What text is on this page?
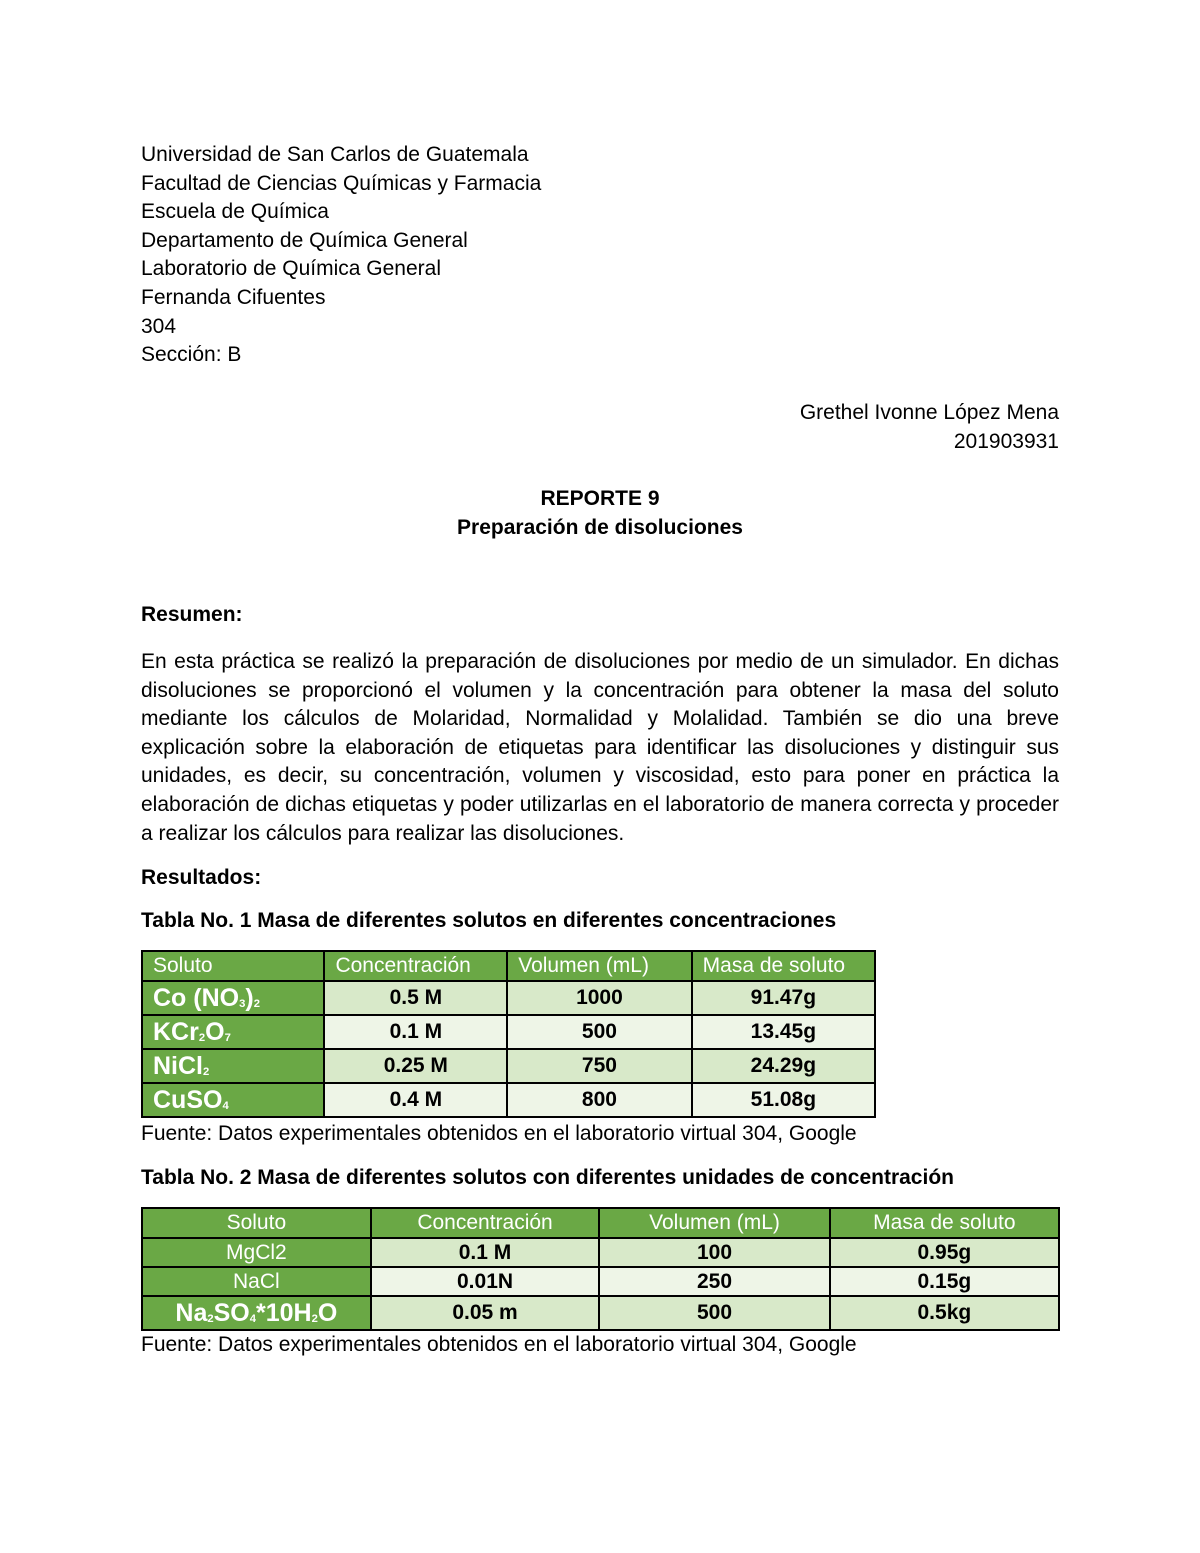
Universidad de San Carlos de Guatemala
Facultad de Ciencias Químicas y Farmacia
Escuela de Química
Departamento de Química General
Laboratorio de Química General
Fernanda Cifuentes
304
Sección: B
Grethel Ivonne López Mena
201903931
REPORTE 9
Preparación de disoluciones
Resumen:
En esta práctica se realizó la preparación de disoluciones por medio de un simulador. En dichas disoluciones se proporcionó el volumen y la concentración para obtener la masa del soluto mediante los cálculos de Molaridad, Normalidad y Molalidad. También se dio una breve explicación sobre la elaboración de etiquetas para identificar las disoluciones y distinguir sus unidades, es decir, su concentración, volumen y viscosidad, esto para poner en práctica la elaboración de dichas etiquetas y poder utilizarlas en el laboratorio de manera correcta y proceder a realizar los cálculos para realizar las disoluciones.
Resultados:
Tabla No. 1 Masa de diferentes solutos en diferentes concentraciones
Soluto	Concentración	Volumen (mL)	Masa de soluto
Co $(NO_3)_2$	0.5 M	1000	91.47g
$KCr_2O_7$	0.1 M	500	13.45g
NiCl$_2$	0.25 M	750	24.29g
CuSO$_4$	0.4 M	800	51.08g
Fuente: Datos experimentales obtenidos en el laboratorio virtual 304, Google
Tabla No. 2 Masa de diferentes solutos con diferentes unidades de concentración
Soluto	Concentración	Volumen (mL)	Masa de soluto
MgCl2	0.1 M	100	0.95g
NaCl	0.01N	250	0.15g
$Na_2SO_4*10H_2O$	0.05 m	500	0.5kg
Fuente: Datos experimentales obtenidos en el laboratorio virtual 304, Google
